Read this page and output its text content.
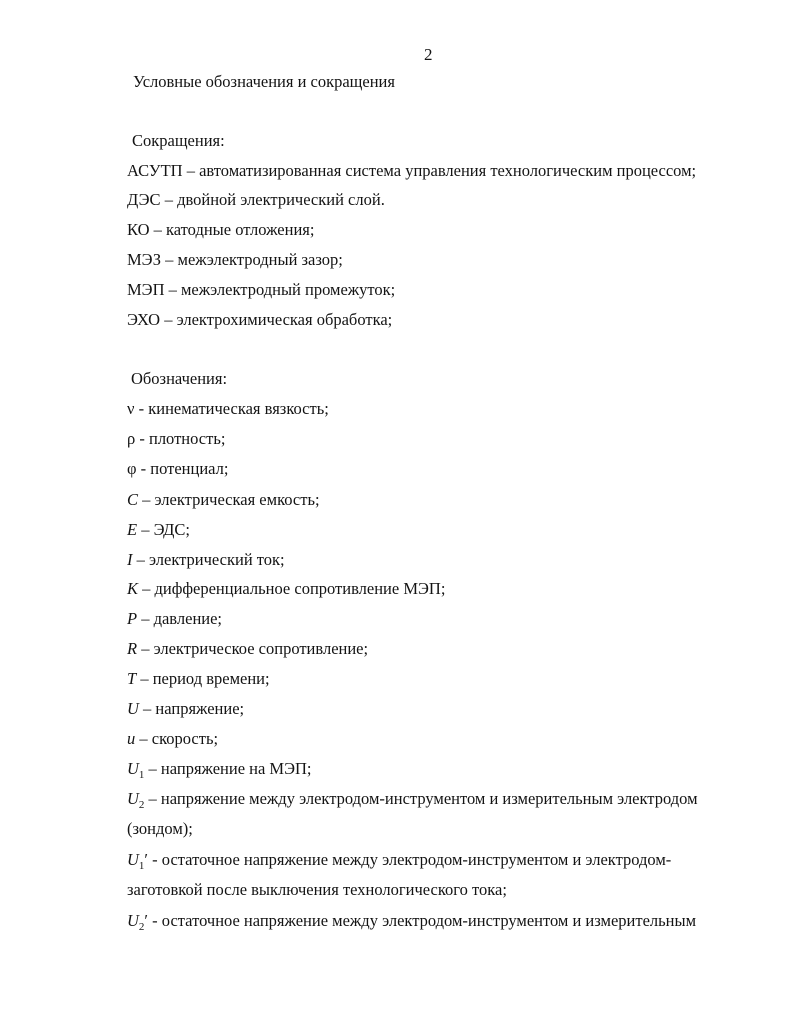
2
Условные обозначения и сокращения
Сокращения:
АСУТП – автоматизированная система управления технологическим процессом;
ДЭС – двойной электрический слой.
КО – катодные отложения;
МЭЗ – межэлектродный зазор;
МЭП – межэлектродный промежуток;
ЭХО – электрохимическая обработка;
Обозначения:
ν - кинематическая вязкость;
ρ - плотность;
φ - потенциал;
C – электрическая емкость;
E – ЭДС;
I – электрический ток;
K – дифференциальное сопротивление МЭП;
P – давление;
R – электрическое сопротивление;
T – период времени;
U – напряжение;
u – скорость;
$U_1$ – напряжение на МЭП;
$U_2$ – напряжение между электродом-инструментом и измерительным электродом
(зондом);
$U_1'$ - остаточное напряжение между электродом-инструментом и электродом-
заготовкой после выключения технологического тока;
$U_2'$ - остаточное напряжение между электродом-инструментом и измерительным
